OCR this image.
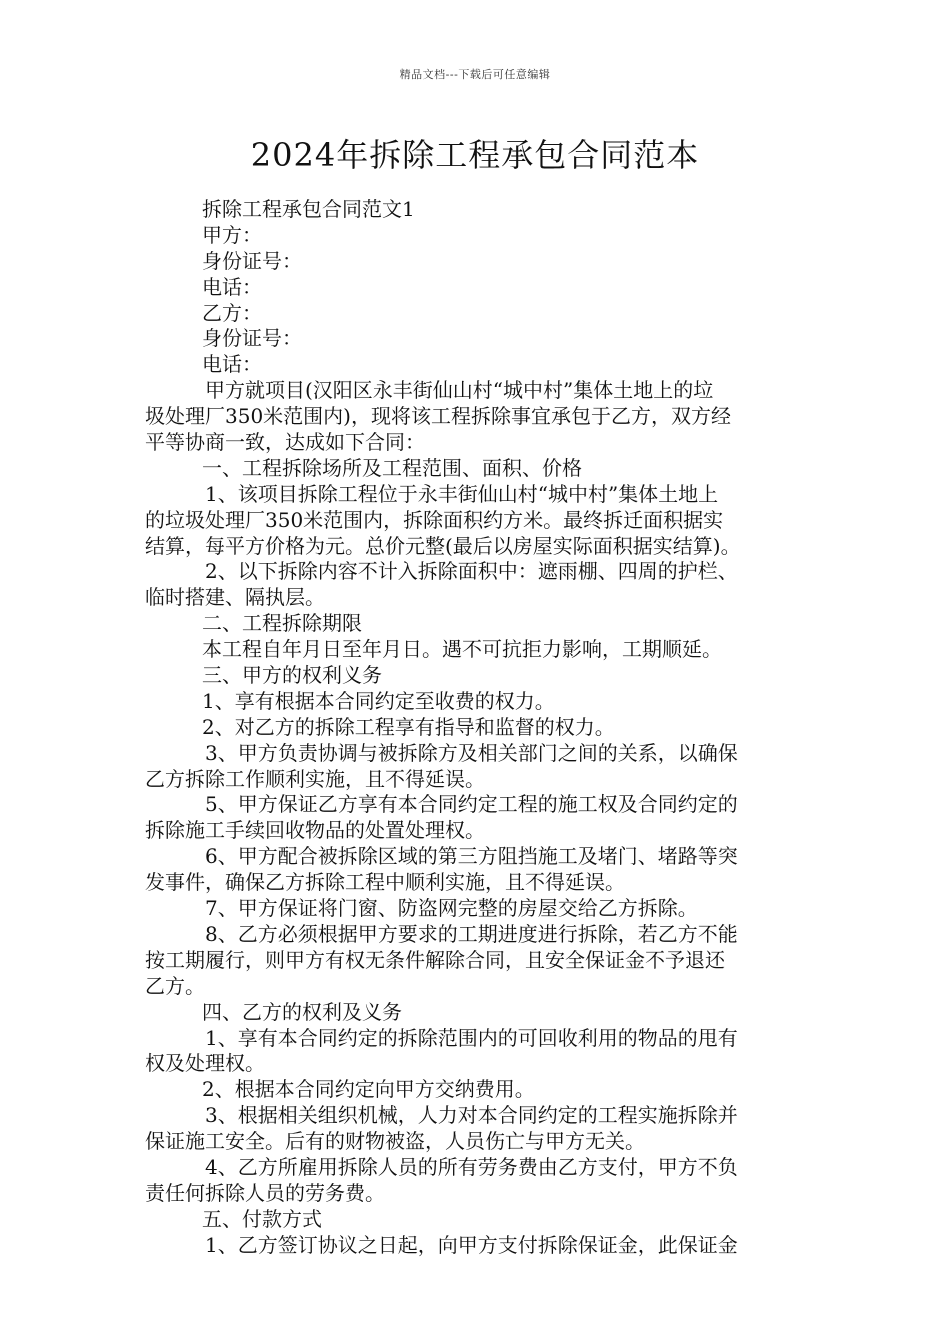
精品文档---下载后可任意编辑
2024年拆除工程承包合同范本
拆除工程承包合同范文1
甲方：
身份证号：
电话：
乙方：
身份证号：
电话：
甲方就项目(汉阳区永丰街仙山村“城中村”集体土地上的垃
圾处理厂350米范围内)，现将该工程拆除事宜承包于乙方，双方经
平等协商一致，达成如下合同：
一、工程拆除场所及工程范围、面积、价格
1、该项目拆除工程位于永丰街仙山村“城中村”集体土地上
的垃圾处理厂350米范围内，拆除面积约方米。最终拆迁面积据实
结算，每平方价格为元。总价元整(最后以房屋实际面积据实结算)。
2、以下拆除内容不计入拆除面积中：遮雨棚、四周的护栏、
临时搭建、隔执层。
二、工程拆除期限
本工程自年月日至年月日。遇不可抗拒力影响，工期顺延。
三、甲方的权利义务
1、享有根据本合同约定至收费的权力。
2、对乙方的拆除工程享有指导和监督的权力。
3、甲方负责协调与被拆除方及相关部门之间的关系，以确保
乙方拆除工作顺利实施，且不得延误。
5、甲方保证乙方享有本合同约定工程的施工权及合同约定的
拆除施工手续回收物品的处置处理权。
6、甲方配合被拆除区域的第三方阻挡施工及堵门、堵路等突
发事件，确保乙方拆除工程中顺利实施，且不得延误。
7、甲方保证将门窗、防盗网完整的房屋交给乙方拆除。
8、乙方必须根据甲方要求的工期进度进行拆除，若乙方不能
按工期履行，则甲方有权无条件解除合同，且安全保证金不予退还
乙方。
四、乙方的权利及义务
1、享有本合同约定的拆除范围内的可回收利用的物品的甩有
权及处理权。
2、根据本合同约定向甲方交纳费用。
3、根据相关组织机械，人力对本合同约定的工程实施拆除并
保证施工安全。后有的财物被盗，人员伤亡与甲方无关。
4、乙方所雇用拆除人员的所有劳务费由乙方支付，甲方不负
责任何拆除人员的劳务费。
五、付款方式
1、乙方签订协议之日起，向甲方支付拆除保证金，此保证金
